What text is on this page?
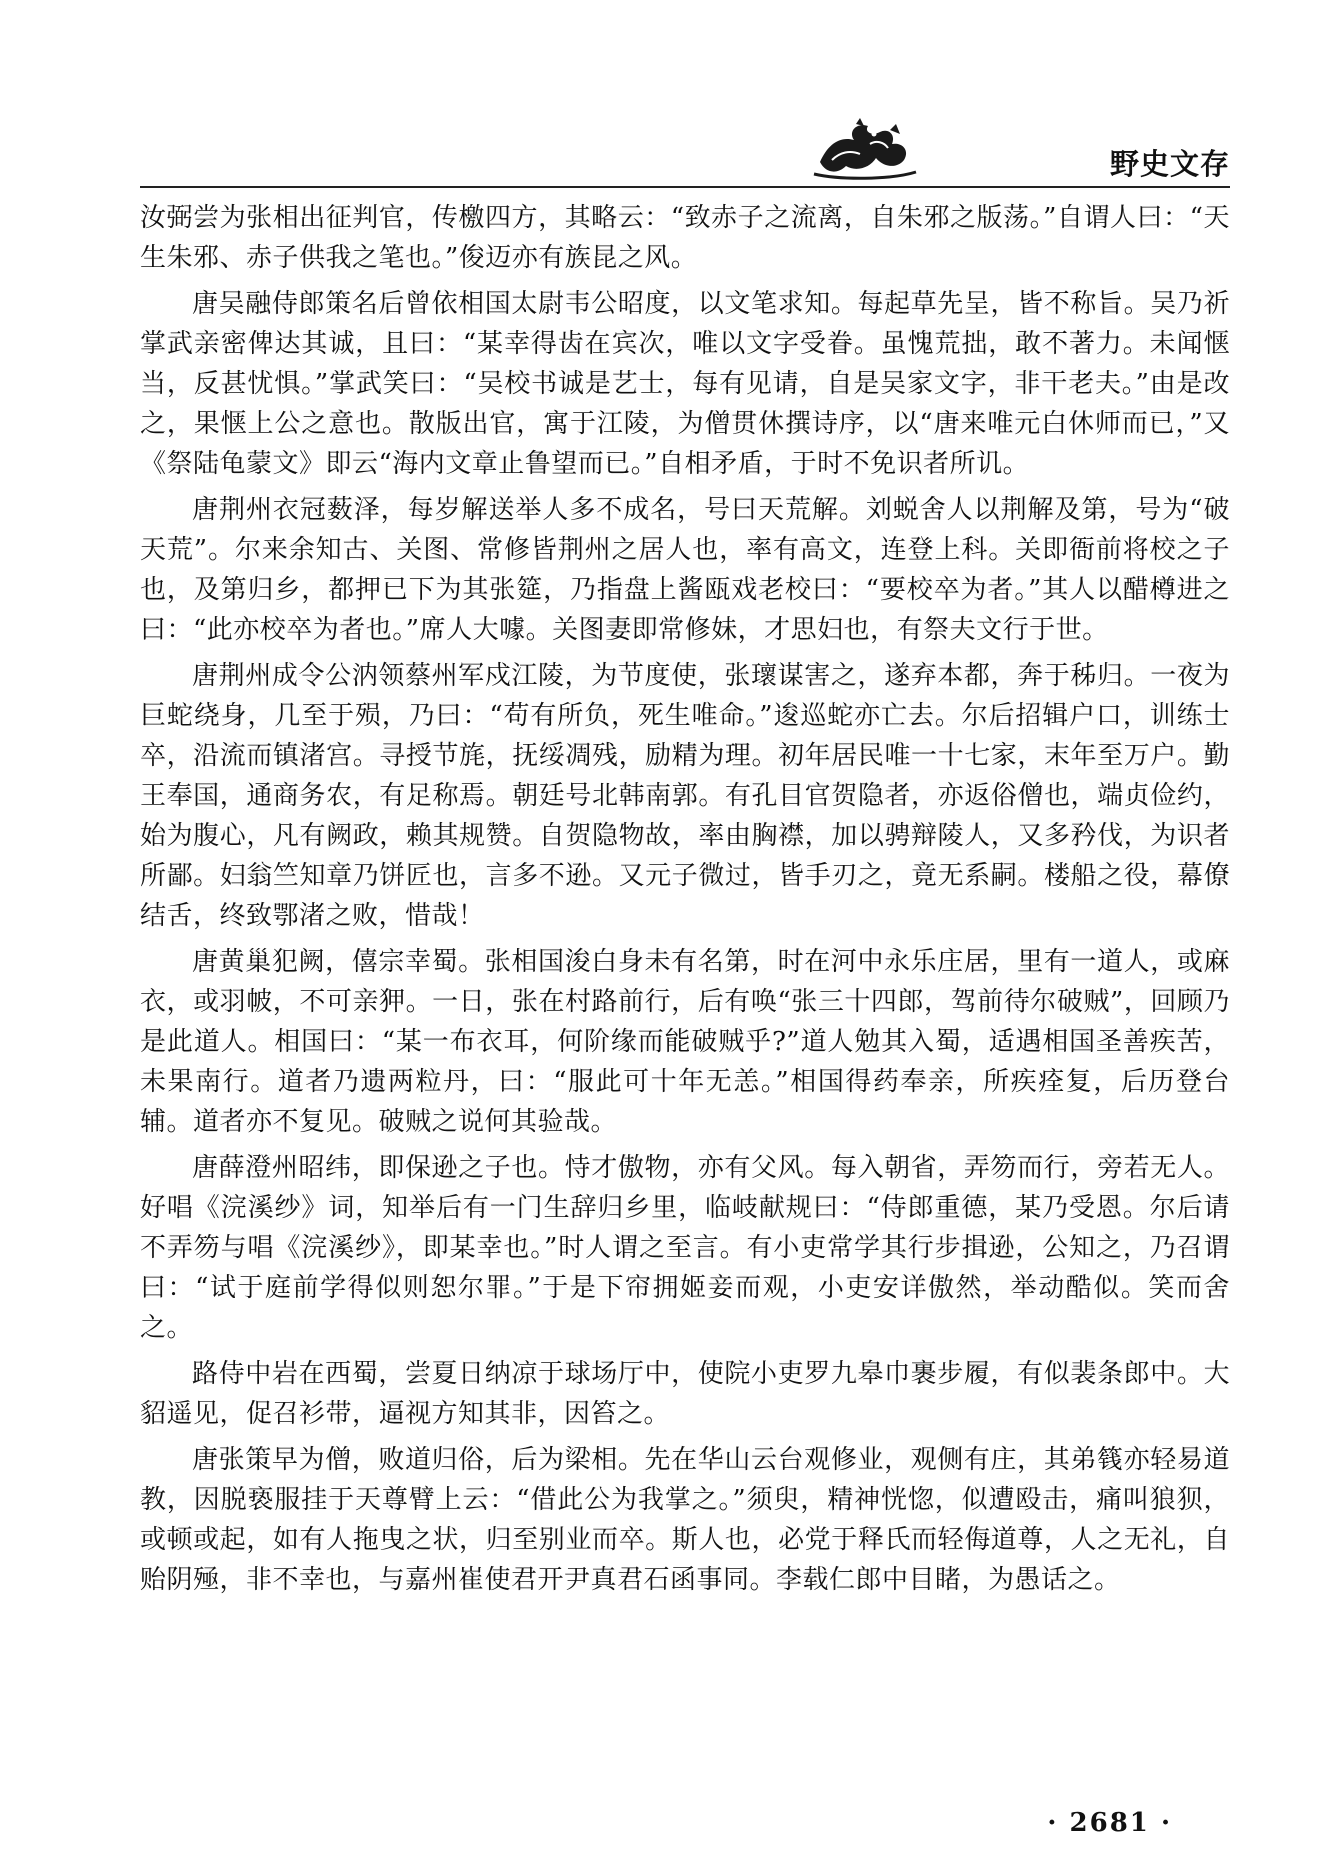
野史文存

汝弼尝为张相出征判官，传檄四方，其略云：“致赤子之流离，自朱邪之版荡。”自谓人曰：“天生朱邪、赤子供我之笔也。”俊迈亦有族昆之风。

唐吴融侍郎策名后曾依相国太尉韦公昭度，以文笔求知。每起草先呈，皆不称旨。吴乃祈掌武亲密俾达其诚，且曰：“某幸得齿在宾次，唯以文字受眷。虽愧荒拙，敢不著力。未闻惬当，反甚忧惧。”掌武笑曰：“吴校书诚是艺士，每有见请，自是吴家文字，非干老夫。”由是改之，果惬上公之意也。散版出官，寓于江陵，为僧贯休撰诗序，以“唐来唯元白休师而已，”又《祭陆龟蒙文》即云“海内文章止鲁望而已。”自相矛盾，于时不免识者所讥。

唐荆州衣冠薮泽，每岁解送举人多不成名，号曰天荒解。刘蜕舍人以荆解及第，号为“破天荒”。尔来余知古、关图、常修皆荆州之居人也，率有高文，连登上科。关即衙前将校之子也，及第归乡，都押已下为其张筵，乃指盘上酱瓯戏老校曰：“要校卒为者。”其人以醋樽进之曰：“此亦校卒为者也。”席人大噱。关图妻即常修妹，才思妇也，有祭夫文行于世。

唐荆州成令公汭领蔡州军戍江陵，为节度使，张瓌谋害之，遂弃本都，奔于秭归。一夜为巨蛇绕身，几至于殒，乃曰：“苟有所负，死生唯命。”逡巡蛇亦亡去。尔后招辑户口，训练士卒，沿流而镇渚宫。寻授节旄，抚绥凋残，励精为理。初年居民唯一十七家，末年至万户。勤王奉国，通商务农，有足称焉。朝廷号北韩南郭。有孔目官贺隐者，亦返俗僧也，端贞俭约，始为腹心，凡有阙政，赖其规赞。自贺隐物故，率由胸襟，加以骋辩陵人，又多矜伐，为识者所鄙。妇翁竺知章乃饼匠也，言多不逊。又元子微过，皆手刃之，竟无系嗣。楼船之役，幕僚结舌，终致鄂渚之败，惜哉！

唐黄巢犯阙，僖宗幸蜀。张相国浚白身未有名第，时在河中永乐庄居，里有一道人，或麻衣，或羽帔，不可亲狎。一日，张在村路前行，后有唤“张三十四郎，驾前待尔破贼”，回顾乃是此道人。相国曰：“某一布衣耳，何阶缘而能破贼乎?”道人勉其入蜀，适遇相国圣善疾苦，未果南行。道者乃遗两粒丹，曰：“服此可十年无恙。”相国得药奉亲，所疾痊复，后历登台辅。道者亦不复见。破贼之说何其验哉。

唐薛澄州昭纬，即保逊之子也。恃才傲物，亦有父风。每入朝省，弄笏而行，旁若无人。好唱《浣溪纱》词，知举后有一门生辞归乡里，临岐献规曰：“侍郎重德，某乃受恩。尔后请不弄笏与唱《浣溪纱》，即某幸也。”时人谓之至言。有小吏常学其行步揖逊，公知之，乃召谓曰：“试于庭前学得似则恕尔罪。”于是下帘拥姬妾而观，小吏安详傲然，举动酷似。笑而舍之。

路侍中岩在西蜀，尝夏日纳凉于球场厅中，使院小吏罗九皋巾裹步履，有似裴条郎中。大貂遥见，促召衫带，逼视方知其非，因笞之。

唐张策早为僧，败道归俗，后为梁相。先在华山云台观修业，观侧有庄，其弟篯亦轻易道教，因脱亵服挂于天尊臂上云：“借此公为我掌之。”须臾，精神恍惚，似遭殴击，痛叫狼狈，或顿或起，如有人拖曳之状，归至别业而卒。斯人也，必党于释氏而轻侮道尊，人之无礼，自贻阴殛，非不幸也，与嘉州崔使君开尹真君石函事同。李载仁郎中目睹，为愚话之。

· 2681 ·
